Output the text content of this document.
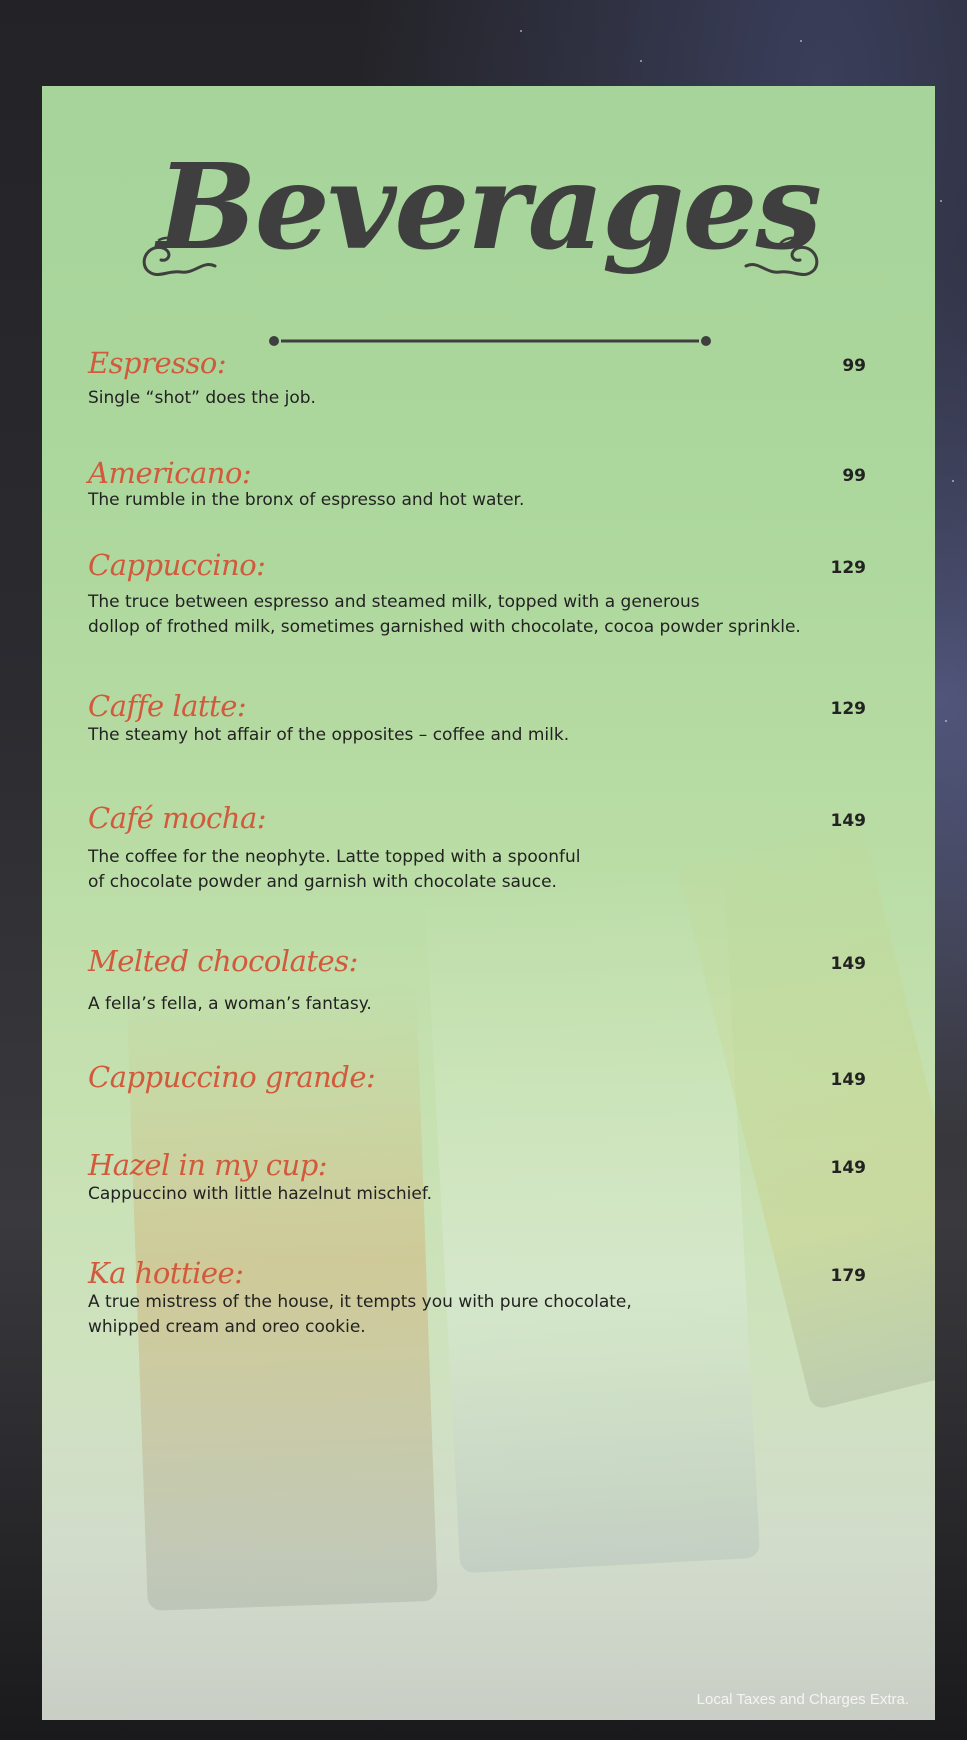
Beverages
Espresso:
Single “shot” does the job.
99
Americano:
The rumble in the bronx of espresso and hot water.
99
Cappuccino:
The truce between espresso and steamed milk, topped with a generous
dollop of frothed milk, sometimes garnished with chocolate, cocoa powder sprinkle.
129
Caffe latte:
The steamy hot affair of the opposites – coffee and milk.
129
Café mocha:
The coffee for the neophyte. Latte topped with a spoonful
of chocolate powder and garnish with chocolate sauce.
149
Melted chocolates:
A fella’s fella, a woman’s fantasy.
149
Cappuccino grande:	149
Hazel in my cup:
Cappuccino with little hazelnut mischief.
149
Ka hottiee:
A true mistress of the house, it tempts you with pure chocolate,
whipped cream and oreo cookie.
179
Local Taxes and Charges Extra.
